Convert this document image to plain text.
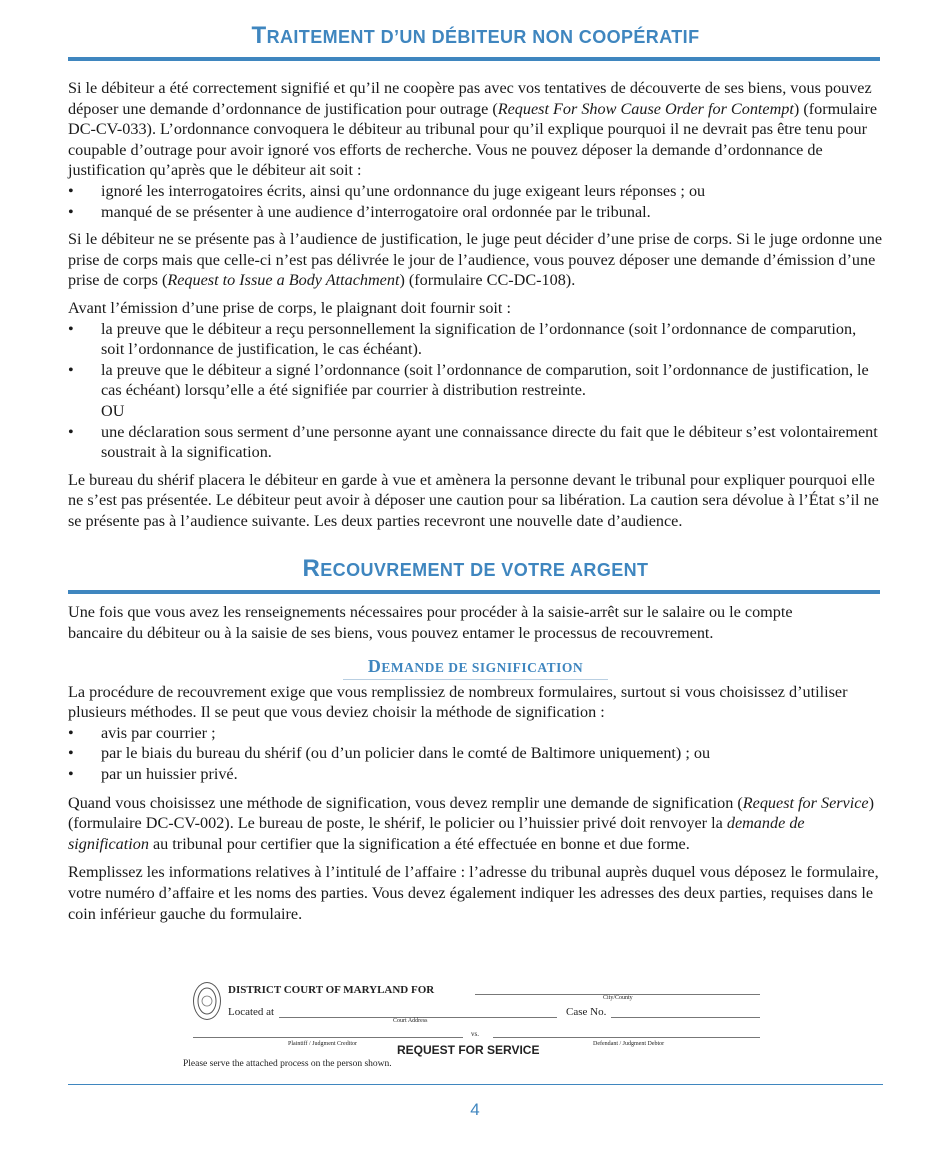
TRAITEMENT D’UN DÉBITEUR NON COOPÉRATIF

Si le débiteur a été correctement signifié et qu’il ne coopère pas avec vos tentatives de découverte de ses biens, vous pouvez déposer une demande d’ordonnance de justification pour outrage (Request For Show Cause Order for Contempt) (formulaire DC-CV-033). L’ordonnance convoquera le débiteur au tribunal pour qu’il explique pourquoi il ne devrait pas être tenu pour coupable d’outrage pour avoir ignoré vos efforts de recherche. Vous ne pouvez déposer la demande d’ordonnance de justification qu’après que le débiteur ait soit :

• ignoré les interrogatoires écrits, ainsi qu’une ordonnance du juge exigeant leurs réponses ; ou
• manqué de se présenter à une audience d’interrogatoire oral ordonnée par le tribunal.

Si le débiteur ne se présente pas à l’audience de justification, le juge peut décider d’une prise de corps. Si le juge ordonne une prise de corps mais que celle-ci n’est pas délivrée le jour de l’audience, vous pouvez déposer une demande d’émission d’une prise de corps (Request to Issue a Body Attachment) (formulaire CC-DC-108).

Avant l’émission d’une prise de corps, le plaignant doit fournir soit :

• la preuve que le débiteur a reçu personnellement la signification de l’ordonnance (soit l’ordonnance de comparution, soit l’ordonnance de justification, le cas échéant).
• la preuve que le débiteur a signé l’ordonnance (soit l’ordonnance de comparution, soit l’ordonnance de justification, le cas échéant) lorsqu’elle a été signifiée par courrier à distribution restreinte.
OU
• une déclaration sous serment d’une personne ayant une connaissance directe du fait que le débiteur s’est volontairement soustrait à la signification.

Le bureau du shérif placera le débiteur en garde à vue et amènera la personne devant le tribunal pour expliquer pourquoi elle ne s’est pas présentée. Le débiteur peut avoir à déposer une caution pour sa libération. La caution sera dévolue à l’État s’il ne se présente pas à l’audience suivante. Les deux parties recevront une nouvelle date d’audience.

RECOUVREMENT DE VOTRE ARGENT

Une fois que vous avez les renseignements nécessaires pour procéder à la saisie-arrêt sur le salaire ou le compte bancaire du débiteur ou à la saisie de ses biens, vous pouvez entamer le processus de recouvrement.

DEMANDE DE SIGNIFICATION

La procédure de recouvrement exige que vous remplissiez de nombreux formulaires, surtout si vous choisissez d’utiliser plusieurs méthodes. Il se peut que vous deviez choisir la méthode de signification :

• avis par courrier ;
• par le biais du bureau du shérif (ou d’un policier dans le comté de Baltimore uniquement) ; ou
• par un huissier privé.

Quand vous choisissez une méthode de signification, vous devez remplir une demande de signification (Request for Service) (formulaire DC-CV-002). Le bureau de poste, le shérif, le policier ou l’huissier privé doit renvoyer la demande de signification au tribunal pour certifier que la signification a été effectuée en bonne et due forme.

Remplissez les informations relatives à l’intitulé de l’affaire : l’adresse du tribunal auprès duquel vous déposez le formulaire, votre numéro d’affaire et les noms des parties. Vous devez également indiquer les adresses des deux parties, requises dans le coin inférieur gauche du formulaire.

DISTRICT COURT OF MARYLAND FOR
City/County
Located at
Court Address
Case No.
vs.
Plaintiff / Judgment Creditor	Defendant / Judgment Debtor
REQUEST FOR SERVICE
Please serve the attached process on the person shown.
4
